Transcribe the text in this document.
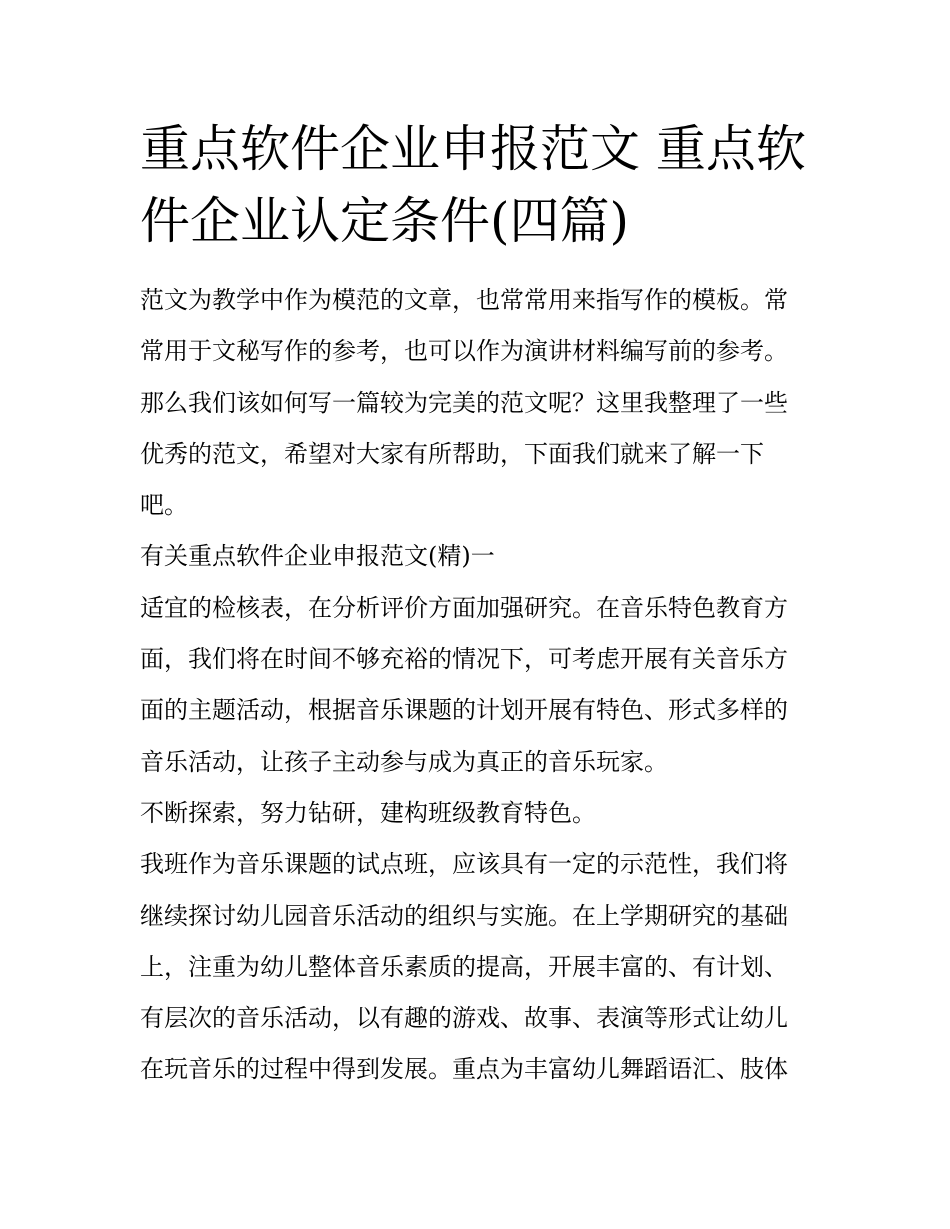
重点软件企业申报范文 重点软
件企业认定条件(四篇)
范文为教学中作为模范的文章，也常常用来指写作的模板。常
常用于文秘写作的参考，也可以作为演讲材料编写前的参考。
那么我们该如何写一篇较为完美的范文呢？这里我整理了一些
优秀的范文，希望对大家有所帮助，下面我们就来了解一下
吧。
有关重点软件企业申报范文(精)一
适宜的检核表，在分析评价方面加强研究。在音乐特色教育方
面，我们将在时间不够充裕的情况下，可考虑开展有关音乐方
面的主题活动，根据音乐课题的计划开展有特色、形式多样的
音乐活动，让孩子主动参与成为真正的音乐玩家。
不断探索，努力钻研，建构班级教育特色。
我班作为音乐课题的试点班，应该具有一定的示范性，我们将
继续探讨幼儿园音乐活动的组织与实施。在上学期研究的基础
上，注重为幼儿整体音乐素质的提高，开展丰富的、有计划、
有层次的音乐活动，以有趣的游戏、故事、表演等形式让幼儿
在玩音乐的过程中得到发展。重点为丰富幼儿舞蹈语汇、肢体
